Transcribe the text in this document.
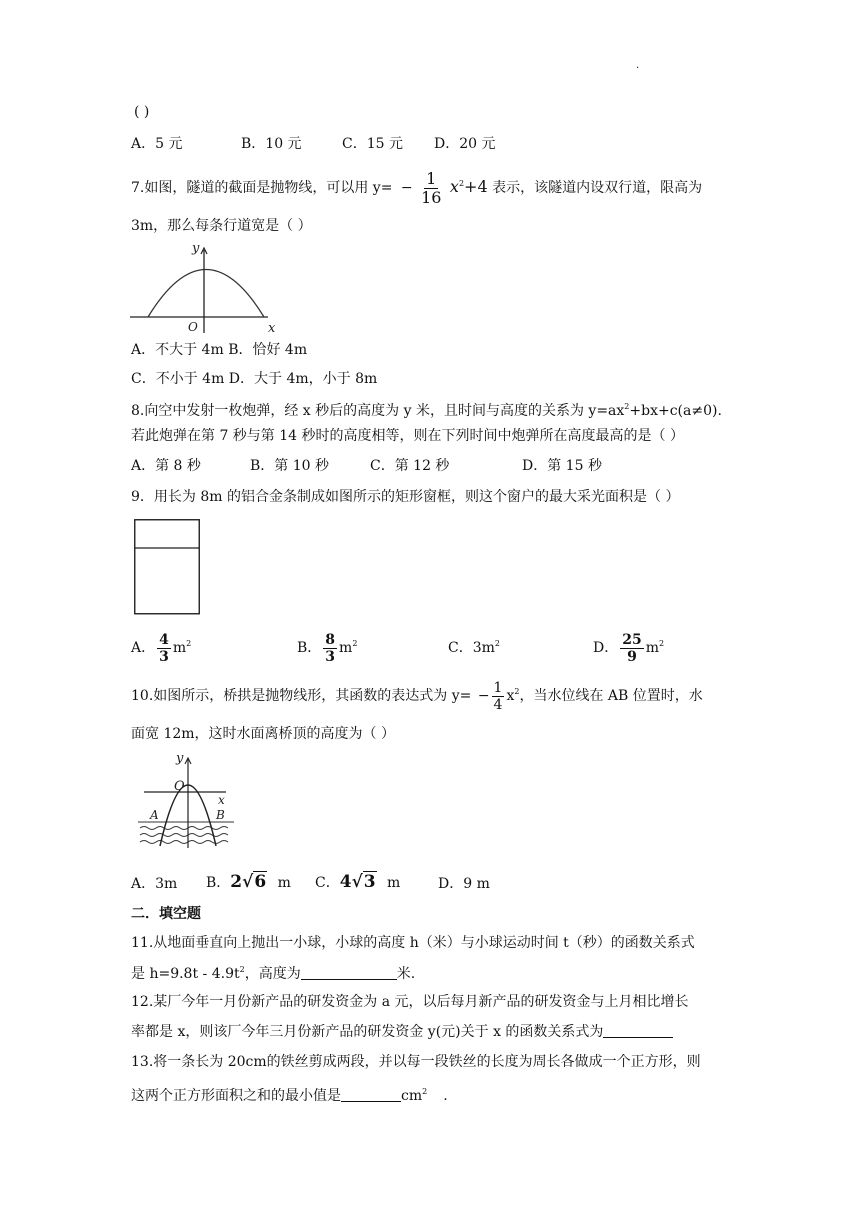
.
( )
A．5 元	B．10 元	C．15 元 D．20 元
7.如图，隧道的截面是抛物线，可以用 $y= - \frac{1}{16} x^2+4$ 表示，该隧道内设双行道，限高为
3m，那么每条行道宽是（ ）
y
O	x
A．不大于 4m B．恰好 4m
C．不小于 4m D．大于 4m，小于 8m
8.向空中发射一枚炮弹，经 x 秒后的高度为 y 米，且时间与高度的关系为 $y=ax^2+bx+c(a\ne 0)$.
若此炮弹在第 7 秒与第 14 秒时的高度相等，则在下列时间中炮弹所在高度最高的是（ ）
A．第 8 秒	B．第 10 秒	C．第 12 秒	D．第 15 秒
9．用长为 8m 的铝合金条制成如图所示的矩形窗框，则这个窗户的最大采光面积是（ ）
A． $\frac{4}{3} m^2$	B． $\frac{8}{3} m^2$	C．$3m^2$	D． $\frac{25}{9} m^2$
10.如图所示，桥拱是抛物线形，其函数的表达式为 $y= - \frac{1}{4} x^2$，当水位线在 AB 位置时，水
面宽 12m，这时水面离桥顶的高度为（ ）
y
O
x
A	B
A．3m B．2√6 m C．4√3 m	D．9 m
二．填空题
11.从地面垂直向上抛出一小球，小球的高度 h（米）与小球运动时间 t（秒）的函数关系式
是 $h=9.8t - 4.9t^2$，高度为	米.
12.某厂今年一月份新产品的研发资金为 a 元，以后每月新产品的研发资金与上月相比增长
率都是 x，则该厂今年三月份新产品的研发资金 y(元)关于 x 的函数关系式为
13.将一条长为 20cm的铁丝剪成两段，并以每一段铁丝的长度为周长各做成一个正方形，则
这两个正方形面积之和的最小值是	$cm^2$ .
